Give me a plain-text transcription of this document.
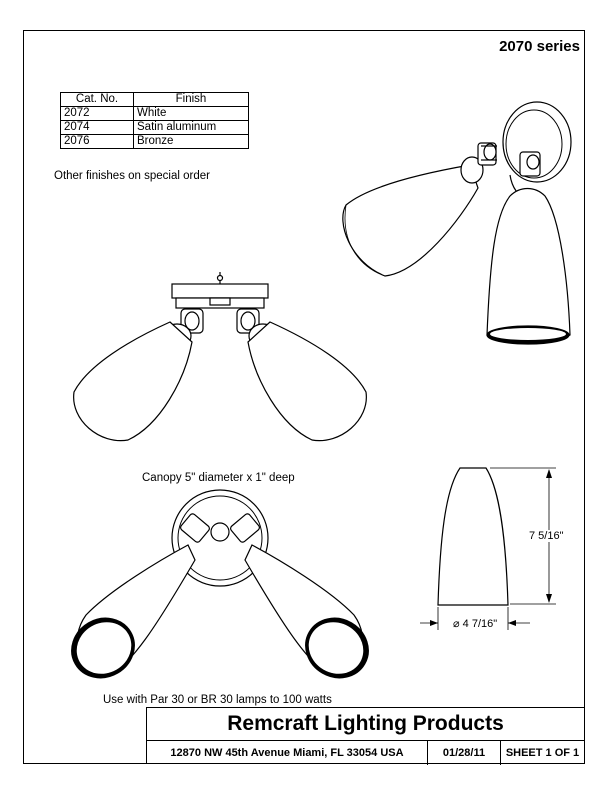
2070 series
Cat. No.	Finish
2072	White
2074	Satin aluminum
2076	Bronze
Other finishes on special order
Canopy 5" diameter x 1" deep
Use with Par 30 or BR 30 lamps to 100 watts
7 5/16"
⌀ 4 7/16"
Remcraft Lighting Products
12870 NW 45th Avenue Miami, FL 33054 USA	01/28/11	SHEET 1 OF 1
